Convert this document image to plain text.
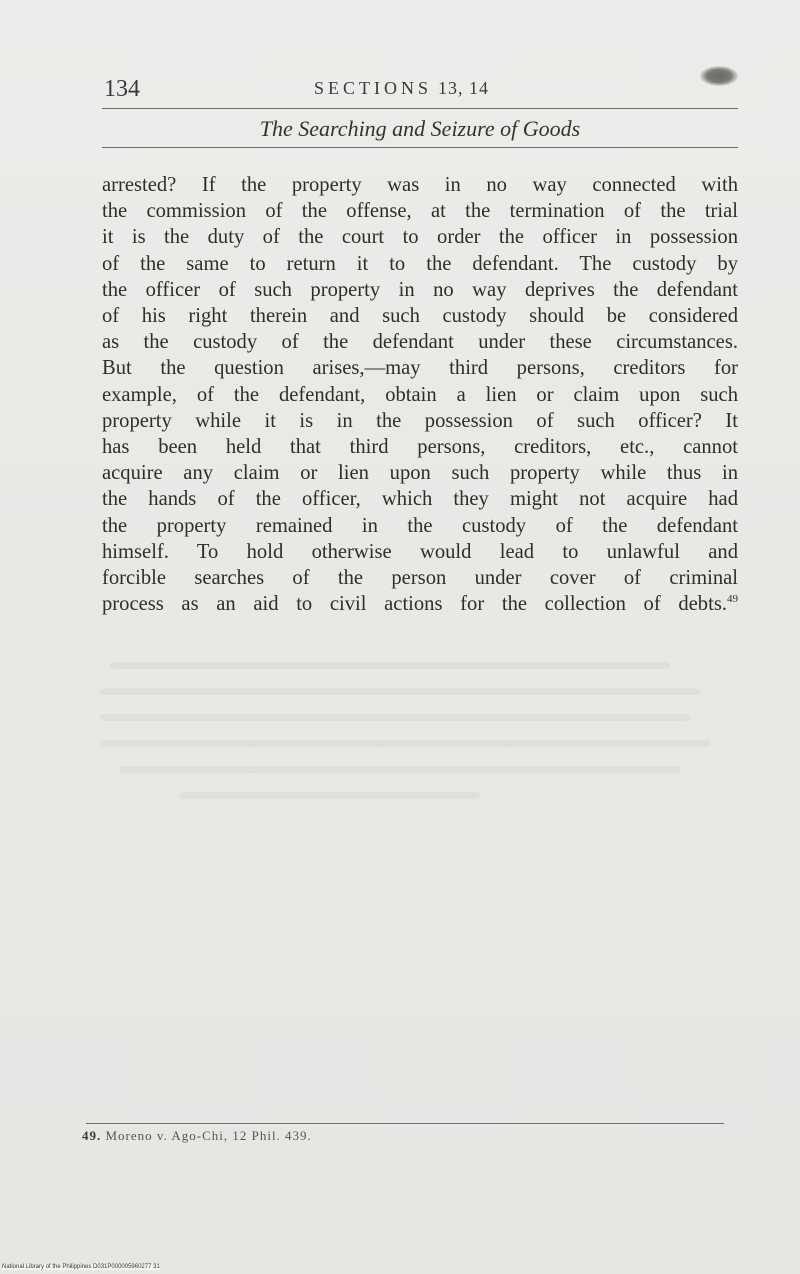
134	SECTIONS 13, 14
The Searching and Seizure of Goods
arrested? If the property was in no way connected with
the commission of the offense, at the termination of the trial
it is the duty of the court to order the officer in possession
of the same to return it to the defendant. The custody by
the officer of such property in no way deprives the defendant
of his right therein and such custody should be considered
as the custody of the defendant under these circumstances.
But the question arises,—may third persons, creditors for
example, of the defendant, obtain a lien or claim upon such
property while it is in the possession of such officer? It
has been held that third persons, creditors, etc., cannot
acquire any claim or lien upon such property while thus in
the hands of the officer, which they might not acquire had
the property remained in the custody of the defendant
himself. To hold otherwise would lead to unlawful and
forcible searches of the person under cover of criminal
process as an aid to civil actions for the collection of debts.$^{49}$
49. Moreno v. Ago-Chi, 12 Phil. 439.
National Library of the Philippines D031P000005960277 31
